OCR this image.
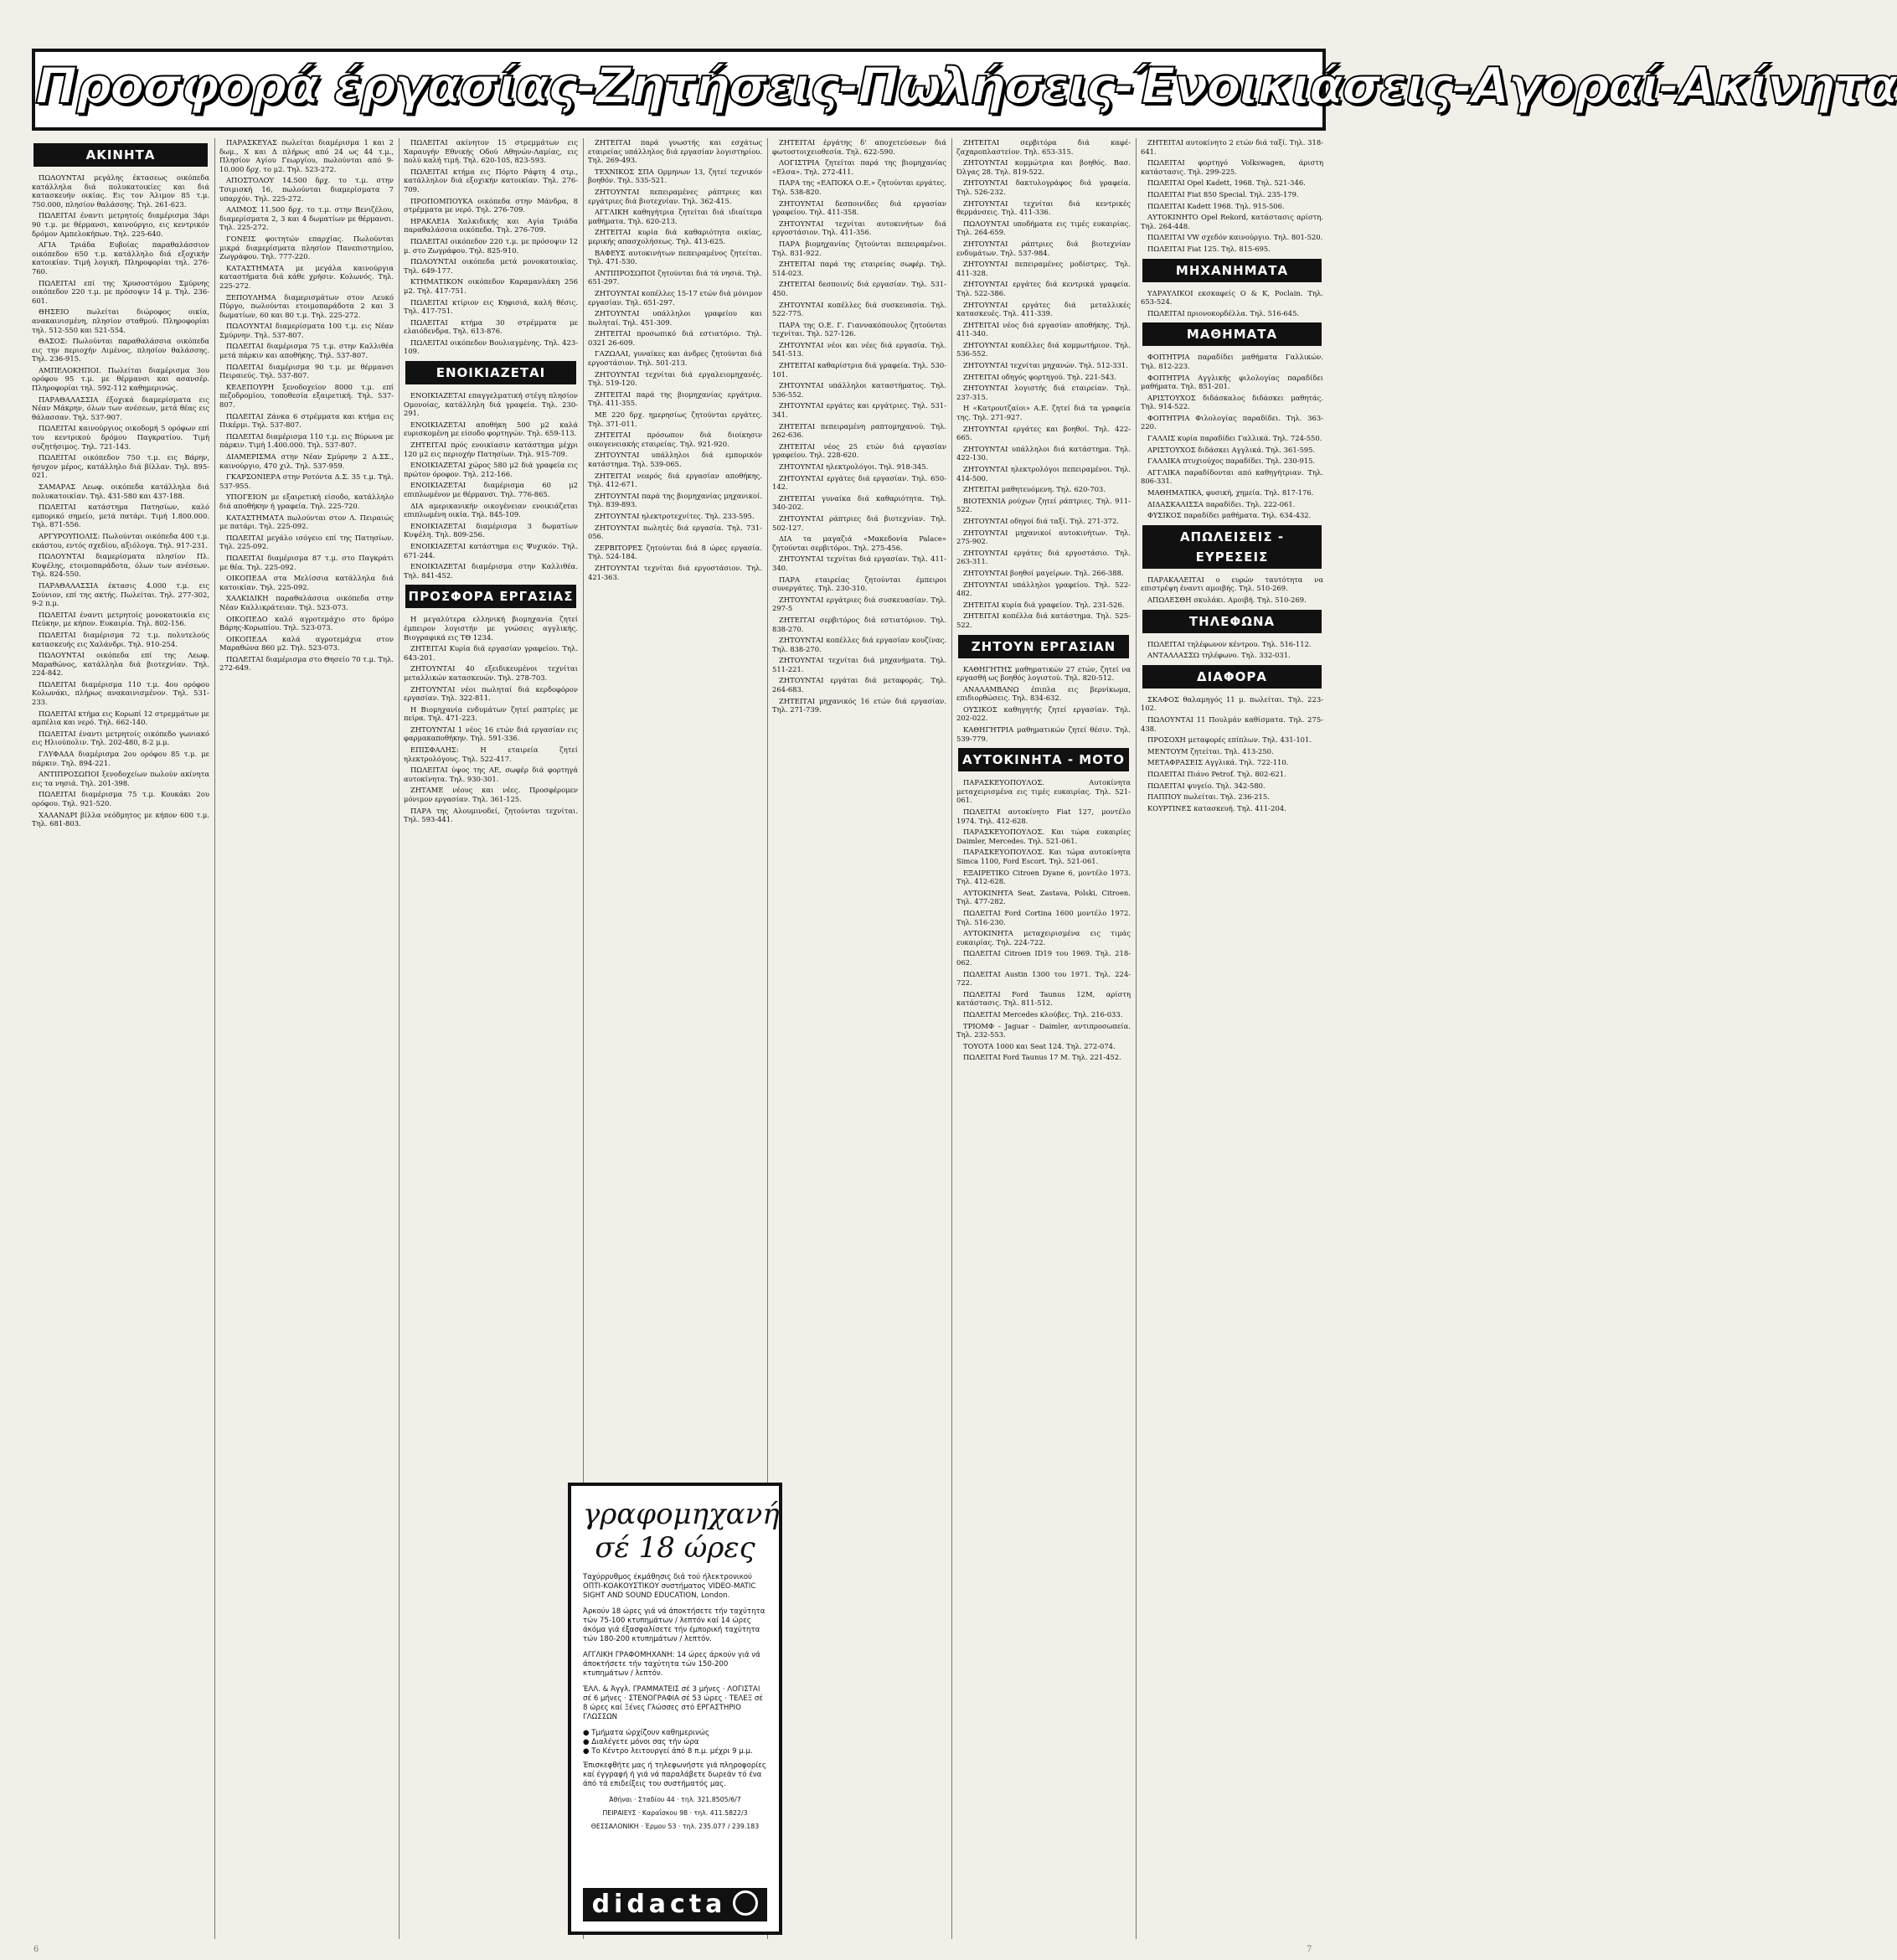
Προσφορά έργασίας-Ζητήσεις-Πωλήσεις-Ένοικιάσεις-Αγοραί-Ακίνητα
ΑΚΙΝΗΤΑ

ΠΩΛΟΥΝΤΑΙ μεγάλης έκτασεως οικόπεδα κατάλληλα διά πολυκατοικίες και διά κατασκευήν οικίας. Εις τον Άλιμον 85 τ.μ. 750.000, πλησίον θαλάσσης. Τηλ. 261-623.

ΠΩΛΕΙΤΑΙ έναντι μετρητοίς διαμέρισμα 3άρι 90 τ.μ. με θέρμανσι, καινούργιο, εις κεντρικόν δρόμον Αμπελοκήπων. Τηλ. 225-640.

ΑΓΙΑ Τριάδα Ευβοίας παραθαλάσσιον οικόπεδον 650 τ.μ. κατάλληλο διά εξοχικήν κατοικίαν. Τιμή λογική. Πληροφορίαι τηλ. 276-760.

ΠΩΛΕΙΤΑΙ επί της Χρυσοστόμου Σμύρνης οικόπεδον 220 τ.μ. με πρόσοψιν 14 μ. Τηλ. 236-601.

ΘΗΣΕΙΟ πωλείται διώροφος οικία, ανακαινισμένη, πλησίον σταθμού. Πληροφορίαι τηλ. 512-550 και 521-554.

ΘΑΣΟΣ: Πωλούνται παραθαλάσσια οικόπεδα εις την περιοχήν Λιμένος, πλησίον θαλάσσης. Τηλ. 236-915.

ΑΜΠΕΛΟΚΗΠΟΙ. Πωλείται διαμέρισμα 3ου ορόφου 95 τ.μ. με θέρμανσι και ασανσέρ. Πληροφορίαι τηλ. 592-112 καθημερινώς.

ΠΑΡΑΘΑΛΑΣΣΙΑ έξοχικά διαμερίσματα εις Νέαν Μάκρην, όλων των ανέσεων, μετά θέας εις θάλασσαν. Τηλ. 537-907.

ΠΩΛΕΙΤΑΙ καινούργιος οικοδομή 5 ορόφων επί του κεντρικού δρόμου Παγκρατίου. Τιμή συζητήσιμος. Τηλ. 721-143.

ΠΩΛΕΙΤΑΙ οικόπεδον 750 τ.μ. εις Βάρην, ήσυχον μέρος, κατάλληλο διά βίλλαν. Τηλ. 895-021.

ΣΑΜΑΡΑΣ Λεωφ. οικόπεδα κατάλληλα διά πολυκατοικίαν. Τηλ. 431-580 και 437-188.

ΠΩΛΕΙΤΑΙ κατάστημα Πατησίων, καλό εμπορικό σημείο, μετά πατάρι. Τιμή 1.800.000. Τηλ. 871-556.

ΑΡΓΥΡΟΥΠΟΛΙΣ: Πωλούνται οικόπεδα 400 τ.μ. εκάστου, εντός σχεδίου, αξιόλογα. Τηλ. 917-231.

ΠΩΛΟΥΝΤΑΙ διαμερίσματα πλησίον Πλ. Κυψέλης, ετοιμοπαράδοτα, όλων των ανέσεων. Τηλ. 824-550.

ΠΑΡΑΘΑΛΑΣΣΙΑ έκτασις 4.000 τ.μ. εις Σούνιον, επί της ακτής. Πωλείται. Τηλ. 277-302, 9-2 π.μ.

ΠΩΛΕΙΤΑΙ έναντι μετρητοίς μονοκατοικία εις Πεύκην, με κήπον. Ευκαιρία. Τηλ. 802-156.

ΠΩΛΕΙΤΑΙ διαμέρισμα 72 τ.μ. πολυτελούς κατασκευής εις Χαλάνδρι. Τηλ. 910-254.

ΠΩΛΟΥΝΤΑΙ οικόπεδα επί της Λεωφ. Μαραθώνος, κατάλληλα διά βιοτεχνίαν. Τηλ. 224-842.

ΠΩΛΕΙΤΑΙ διαμέρισμα 110 τ.μ. 4ου ορόφου Κολωνάκι, πλήρως ανακαινισμένον. Τηλ. 531-233.

ΠΩΛΕΙΤΑΙ κτήμα εις Κορωπί 12 στρεμμάτων με αμπέλια και νερό. Τηλ. 662-140.

ΠΩΛΕΙΤΑΙ έναντι μετρητοίς οικόπεδο γωνιακό εις Ηλιούπολιν. Τηλ. 202-480, 8-2 μ.μ.

ΓΛΥΦΑΔΑ διαμέρισμα 2ου ορόφου 85 τ.μ. με πάρκιν. Τηλ. 894-221.

ΑΝΤΙΠΡΟΣΩΠΟΙ ξενοδοχείων πωλούν ακίνητα εις τα νησιά. Τηλ. 201-398.

ΠΩΛΕΙΤΑΙ διαμέρισμα 75 τ.μ. Κουκάκι 2ου ορόφου. Τηλ. 921-520.

ΧΑΛΑΝΔΡΙ βίλλα νεόδμητος με κήπον 600 τ.μ. Τηλ. 681-803.

ΠΑΡΑΣΚΕΥΑΣ πωλείται διαμέρισμα 1 και 2 δωμ., Χ και Δ πλήρως από 24 ως 44 τ.μ., Πλησίον Αγίου Γεωργίου, πωλούνται από 9-10.000 δρχ. το μ2. Τηλ. 523-272.

ΑΠΟΣΤΟΛΟΥ 14.500 δρχ. το τ.μ. στην Τσιμισκή 16, πωλούνται διαμερίσματα 7 υπαρχόν. Τηλ. 225-272.

ΑΛΙΜΟΣ 11.500 δρχ. το τ.μ. στην Βενιζέλου, διαμερίσματα 2, 3 και 4 δωματίων με θέρμανσι. Τηλ. 225-272.

ΓΟΝΕΙΣ φοιτητών επαρχίας. Πωλούνται μικρά διαμερίσματα πλησίον Πανεπιστημίου, Ζωγράφου. Τηλ. 777-220.

ΚΑΤΑΣΤΗΜΑΤΑ με μεγάλα καινούργια καταστήματα διά κάθε χρήσιν. Κολωνός. Τηλ. 225-272.

ΞΕΠΟΥΛΗΜΑ διαμερισμάτων στον Λευκό Πύργο, πωλούνται ετοιμοπαράδοτα 2 και 3 δωματίων, 60 και 80 τ.μ. Τηλ. 225-272.

ΠΩΛΟΥΝΤΑΙ διαμερίσματα 100 τ.μ. εις Νέαν Σμύρνην. Τηλ. 537-807.

ΠΩΛΕΙΤΑΙ διαμέρισμα 75 τ.μ. στην Καλλιθέα μετά πάρκιν και αποθήκης. Τηλ. 537-807.

ΠΩΛΕΙΤΑΙ διαμέρισμα 90 τ.μ. με θέρμανσι Πειραιεύς. Τηλ. 537-807.

ΚΕΛΕΠΟΥΡΗ ξενοδοχείον 8000 τ.μ. επί πεζοδρομίου, τοποθεσία εξαιρετική. Τηλ. 537-807.

ΠΩΛΕΙΤΑΙ Ζάνκα 6 στρέμματα και κτήμα εις Πικέρμι. Τηλ. 537-807.

ΠΩΛΕΙΤΑΙ διαμέρισμα 110 τ.μ. εις Βύρωνα με πάρκιν. Τιμή 1.400.000. Τηλ. 537-807.

ΔΙΑΜΕΡΙΣΜΑ στην Νέαν Σμύρνην 2 Δ.ΣΣ., καινούργιο, 470 χιλ. Τηλ. 537-959.

ΓΚΑΡΣΟΝΙΕΡΑ στην Ροτόντα Δ.Σ. 35 τ.μ. Τηλ. 537-955.

ΥΠΟΓΕΙΟΝ με εξαιρετική είσοδο, κατάλληλο διά αποθήκην ή γραφεία. Τηλ. 225-720.

ΚΑΤΑΣΤΗΜΑΤΑ πωλούνται στον Λ. Πειραιώς με πατάρι. Τηλ. 225-092.

ΠΩΛΕΙΤΑΙ μεγάλο ισόγειο επί της Πατησίων. Τηλ. 225-092.

ΠΩΛΕΙΤΑΙ διαμέρισμα 87 τ.μ. στο Παγκράτι με θέα. Τηλ. 225-092.

ΟΙΚΟΠΕΔΑ στα Μελίσσια κατάλληλα διά κατοικίαν. Τηλ. 225-092.

ΧΑΛΚΙΔΙΚΗ παραθαλάσσια οικόπεδα στην Νέαν Καλλικράτειαν. Τηλ. 523-073.

ΟΙΚΟΠΕΔΟ καλό αγροτεμάχιο στο δρόμο Βάρης-Κορωπίου. Τηλ. 523-073.

ΟΙΚΟΠΕΔΑ καλά αγροτεμάχια στον Μαραθώνα 860 μ2. Τηλ. 523-073.

ΠΩΛΕΙΤΑΙ διαμέρισμα στο Θησείο 70 τ.μ. Τηλ. 272-649.

ΠΩΛΕΙΤΑΙ ακίνητον 15 στρεμμάτων εις Χαραυγήν Εθνικής Οδού Αθηνών-Λαμίας, εις πολύ καλή τιμή. Τηλ. 620-105, 823-593.

ΠΩΛΕΙΤΑΙ κτήμα εις Πόρτο Ράφτη 4 στρ., κατάλληλον διά εξοχικήν κατοικίαν. Τηλ. 276-709.

ΠΡΟΠΟΜΠΟΥΚΑ οικόπεδα στην Μάνδρα, 8 στρέμματα με νερό. Τηλ. 276-709.

ΗΡΑΚΛΕΙΑ Χαλκιδικής και Αγία Τριάδα παραθαλάσσια οικόπεδα. Τηλ. 276-709.

ΠΩΛΕΙΤΑΙ οικόπεδον 220 τ.μ. με πρόσοψιν 12 μ. στο Ζωγράφου. Τηλ. 825-910.

ΠΩΛΟΥΝΤΑΙ οικόπεδα μετά μονοκατοικίας. Τηλ. 649-177.

ΚΤΗΜΑΤΙΚΟΝ οικόπεδον Καραμανλάκη 256 μ2. Τηλ. 417-751.

ΠΩΛΕΙΤΑΙ κτίριον εις Κηφισιά, καλή θέσις. Τηλ. 417-751.

ΠΩΛΕΙΤΑΙ κτήμα 30 στρέμματα με ελαιόδενδρα. Τηλ. 613-876.

ΠΩΛΕΙΤΑΙ οικόπεδον Βουλιαγμένης. Τηλ. 423-109.

ΕΝΟΙΚΙΑΖΕΤΑΙ

ΕΝΟΙΚΙΑΖΕΤΑΙ επαγγελματική στέγη πλησίον Ομονοίας, κατάλληλη διά γραφεία. Τηλ. 230-291.

ΕΝΟΙΚΙΑΖΕΤΑΙ αποθήκη 500 μ2 καλά ευρισκομένη με είσοδο φορτηγών. Τηλ. 659-113.

ΖΗΤΕΙΤΑΙ πρός ενοικίασιν κατάστημα μέχρι 120 μ2 εις περιοχήν Πατησίων. Τηλ. 915-709.

ΕΝΟΙΚΙΑΖΕΤΑΙ χώρος 580 μ2 διά γραφεία εις πρώτον όροφον. Τηλ. 212-166.

ΕΝΟΙΚΙΑΖΕΤΑΙ διαμέρισμα 60 μ2 επιπλωμένον με θέρμανσι. Τηλ. 776-865.

ΔΙΑ αμερικανικήν οικογένειαν ενοικιάζεται επιπλωμένη οικία. Τηλ. 845-109.

ΕΝΟΙΚΙΑΖΕΤΑΙ διαμέρισμα 3 δωματίων Κυψέλη. Τηλ. 809-256.

ΕΝΟΙΚΙΑΖΕΤΑΙ κατάστημα εις Ψυχικόν. Τηλ. 671-244.

ΕΝΟΙΚΙΑΖΕΤΑΙ διαμέρισμα στην Καλλιθέα. Τηλ. 841-452.

ΠΡΟΣΦΟΡΑ ΕΡΓΑΣΙΑΣ

Η μεγαλύτερα ελληνική βιομηχανία ζητεί έμπειρον λογιστήν με γνώσεις αγγλικής. Βιογραφικά εις ΤΘ 1234.

ΖΗΤΕΙΤΑΙ Κυρία διά εργασίαν γραφείου. Τηλ. 643-201.

ΖΗΤΟΥΝΤΑΙ 40 εξειδικευμένοι τεχνίται μεταλλικών κατασκευών. Τηλ. 278-703.

ΖΗΤΟΥΝΤΑΙ νέοι πωληταί διά κερδοφόρον εργασίαν. Τηλ. 322-811.

Η Βιομηχανία ενδυμάτων ζητεί ραπτρίες με πείρα. Τηλ. 471-223.

ΖΗΤΟΥΝΤΑΙ 1 νέος 16 ετών διά εργασίαν εις φαρμακαποθήκην. Τηλ. 591-336.

ΕΠΙΣΦΑΛΗΣ: Η εταιρεία ζητεί ηλεκτρολόγους. Τηλ. 522-417.

ΠΩΛΕΙΤΑΙ ύψος της ΑΕ, σωφέρ διά φορτηγά αυτοκίνητα. Τηλ. 930-301.

ΖΗΤΑΜΕ νέους και νέες. Προσφέρομεν μόνιμον εργασίαν. Τηλ. 361-125.

ΠΑΡΑ της Αλουμινοδεί, ζητούνται τεχνίται. Τηλ. 593-441.

ΖΗΤΕΙΤΑΙ παρά γνωστής και εσχάτως εταιρείας υπάλληλος διά εργασίαν λογιστηρίου. Τηλ. 269-493.

ΤΕΧΝΙΚΟΣ ΣΠΑ Ορμηνων 13, ζητεί τεχνικόν βοηθόν. Τηλ. 535-521.

ΖΗΤΟΥΝΤΑΙ πεπειραμένες ράπτριες και εργάτριες διά βιοτεχνίαν. Τηλ. 362-415.

ΑΓΓΛΙΚΗ καθηγήτρια ζητείται διά ιδιαίτερα μαθήματα. Τηλ. 620-213.

ΖΗΤΕΙΤΑΙ κυρία διά καθαριότητα οικίας, μερικής απασχολήσεως. Τηλ. 413-625.

ΒΑΦΕΥΣ αυτοκινήτων πεπειραμένος ζητείται. Τηλ. 471-530.

ΑΝΤΙΠΡΟΣΩΠΟΙ ζητούνται διά τά νησιά. Τηλ. 651-297.

ΖΗΤΟΥΝΤΑΙ κοπέλλες 15-17 ετών διά μόνιμον εργασίαν. Τηλ. 651-297.

ΖΗΤΟΥΝΤΑΙ υπάλληλοι γραφείου και πωληταί. Τηλ. 451-309.

ΖΗΤΕΙΤΑΙ προσωπικό διά εστιατόριο. Τηλ. 0321 26-609.

ΓΑΖΩΛΑΙ, γυναίκες και άνδρες ζητούνται διά εργοστάσιον. Τηλ. 501-213.

ΖΗΤΟΥΝΤΑΙ τεχνίται διά εργαλειομηχανές. Τηλ. 519-120.

ΖΗΤΕΙΤΑΙ παρά της βιομηχανίας εργάτρια. Τηλ. 411-355.

ΜΕ 220 δρχ. ημερησίως ζητούνται εργάτες. Τηλ. 371-011.

ΖΗΤΕΙΤΑΙ πρόσωπον διά διοίκησιν οικογενειακής εταιρείας. Τηλ. 921-920.

ΖΗΤΟΥΝΤΑΙ υπάλληλοι διά εμπορικόν κατάστημα. Τηλ. 539-065.

ΖΗΤΕΙΤΑΙ νεαρός διά εργασίαν αποθήκης. Τηλ. 412-671.

ΖΗΤΟΥΝΤΑΙ παρά της βιομηχανίας μηχανικοί. Τηλ. 839-893.

ΖΗΤΟΥΝΤΑΙ ηλεκτροτεχνίτες. Τηλ. 233-595.

ΖΗΤΟΥΝΤΑΙ πωλητές διά εργασία. Τηλ. 731-056.

ΖΕΡΒΙΤΟΡΕΣ ζητούνται διά 8 ώρες εργασία. Τηλ. 524-184.

ΖΗΤΟΥΝΤΑΙ τεχνίται διά εργοστάσιον. Τηλ. 421-363.

ΖΗΤΕΙΤΑΙ έργάτης δ' αποχετεύσεων διά φωτοστοιχειοθεσία. Τηλ. 622-590.

ΛΟΓΙΣΤΡΙΑ ζητείται παρά της βιομηχανίας «Ελσα». Τηλ. 272-411.

ΠΑΡΑ της «ΕΑΠΟΚΑ Ο.Ε.» ζητούνται εργάτες. Τηλ. 538-820.

ΖΗΤΟΥΝΤΑΙ δεσποινίδες διά εργασίαν γραφείου. Τηλ. 411-358.

ΖΗΤΟΥΝΤΑΙ τεχνίται αυτοκινήτων διά εργοστάσιον. Τηλ. 411-356.

ΠΑΡΑ βιομηχανίας ζητούνται πεπειραμένοι. Τηλ. 831-922.

ΖΗΤΕΙΤΑΙ παρά της εταιρείας σωφέρ. Τηλ. 514-023.

ΖΗΤΕΙΤΑΙ δεσποινίς διά εργασίαν. Τηλ. 531-450.

ΖΗΤΟΥΝΤΑΙ κοπέλλες διά συσκευασία. Τηλ. 522-775.

ΠΑΡΑ της Ο.Ε. Γ. Γιαννακόπουλος ζητούνται τεχνίται. Τηλ. 527-126.

ΖΗΤΟΥΝΤΑΙ νέοι και νέες διά εργασία. Τηλ. 541-513.

ΖΗΤΕΙΤΑΙ καθαρίστρια διά γραφεία. Τηλ. 530-101.

ΖΗΤΟΥΝΤΑΙ υπάλληλοι καταστήματος. Τηλ. 536-552.

ΖΗΤΟΥΝΤΑΙ εργάτες και εργάτριες. Τηλ. 531-341.

ΖΗΤΕΙΤΑΙ πεπειραμένη ραπτομηχανού. Τηλ. 262-636.

ΖΗΤΕΙΤΑΙ νέος 25 ετών διά εργασίαν γραφείου. Τηλ. 228-620.

ΖΗΤΟΥΝΤΑΙ ηλεκτρολόγοι. Τηλ. 918-345.

ΖΗΤΟΥΝΤΑΙ εργάτες διά εργασίαν. Τηλ. 650-142.

ΖΗΤΕΙΤΑΙ γυναίκα διά καθαριότητα. Τηλ. 340-202.

ΖΗΤΟΥΝΤΑΙ ράπτριες διά βιοτεχνίαν. Τηλ. 502-127.

ΔΙΑ τα μαγαζιά «Μακεδονία Palace» ζητούνται σερβιτόροι. Τηλ. 275-456.

ΖΗΤΟΥΝΤΑΙ τεχνίται διά εργασίαν. Τηλ. 411-340.

ΠΑΡΑ εταιρείας ζητούνται έμπειροι συνεργάτες. Τηλ. 230-310.

ΖΗΤΟΥΝΤΑΙ εργάτριες διά συσκευασίαν. Τηλ. 297-5

ΖΗΤΕΙΤΑΙ σερβιτόρος διά εστιατόριον. Τηλ. 838-270.

ΖΗΤΟΥΝΤΑΙ κοπέλλες διά εργασίαν κουζίνας. Τηλ. 838-270.

ΖΗΤΟΥΝΤΑΙ τεχνίται διά μηχανήματα. Τηλ. 511-221.

ΖΗΤΟΥΝΤΑΙ εργάται διά μεταφοράς. Τηλ. 264-683.

ΖΗΤΕΙΤΑΙ μηχανικός 16 ετών διά εργασίαν. Τηλ. 271-739.

ΖΗΤΕΙΤΑΙ σερβιτόρα διά καφέ-ζαχαροπλαστείον. Τηλ. 653-315.

ΖΗΤΟΥΝΤΑΙ κομμώτρια και βοηθός. Βασ. Όλγας 28. Τηλ. 819-522.

ΖΗΤΟΥΝΤΑΙ δακτυλογράφος διά γραφεία. Τηλ. 526-232.

ΖΗΤΟΥΝΤΑΙ τεχνίται διά κεντρικές θερμάνσεις. Τηλ. 411-336.

ΠΩΛΟΥΝΤΑΙ υποδήματα εις τιμές ευκαιρίας. Τηλ. 264-659.

ΖΗΤΟΥΝΤΑΙ ράπτριες διά βιοτεχνίαν ενδυμάτων. Τηλ. 537-984.

ΖΗΤΟΥΝΤΑΙ πεπειραμένες μοδίστρες. Τηλ. 411-328.

ΖΗΤΟΥΝΤΑΙ εργάτες διά κεντρικά γραφεία. Τηλ. 522-386.

ΖΗΤΟΥΝΤΑΙ εργάτες διά μεταλλικές κατασκευές. Τηλ. 411-339.

ΖΗΤΕΙΤΑΙ νέος διά εργασίαν αποθήκης. Τηλ. 411-340.

ΖΗΤΟΥΝΤΑΙ κοπέλλες διά κομμωτήριον. Τηλ. 536-552.

ΖΗΤΟΥΝΤΑΙ τεχνίται μηχανών. Τηλ. 512-331.

ΖΗΤΕΙΤΑΙ οδηγός φορτηγού. Τηλ. 221-543.

ΖΗΤΟΥΝΤΑΙ λογιστής διά εταιρείαν. Τηλ. 237-315.

Η «Κατρουτζαίοι» Α.Ε. ζητεί διά τα γραφεία της. Τηλ. 271-927.

ΖΗΤΟΥΝΤΑΙ εργάτες και βοηθοί. Τηλ. 422-665.

ΖΗΤΟΥΝΤΑΙ υπάλληλοι διά κατάστημα. Τηλ. 422-130.

ΖΗΤΟΥΝΤΑΙ ηλεκτρολόγοι πεπειραμένοι. Τηλ. 414-500.

ΖΗΤΕΙΤΑΙ μαθητευόμενη. Τηλ. 620-703.

ΒΙΟΤΕΧΝΙΑ ρούχων ζητεί ράπτριες. Τηλ. 911-522.

ΖΗΤΟΥΝΤΑΙ οδηγοί διά ταξί. Τηλ. 271-372.

ΖΗΤΟΥΝΤΑΙ μηχανικοί αυτοκινήτων. Τηλ. 275-902.

ΖΗΤΟΥΝΤΑΙ εργάτες διά εργοστάσιο. Τηλ. 263-311.

ΖΗΤΟΥΝΤΑΙ βοηθοί μαγείρων. Τηλ. 266-388.

ΖΗΤΟΥΝΤΑΙ υπάλληλοι γραφείου. Τηλ. 522-482.

ΖΗΤΕΙΤΑΙ κυρία διά γραφείον. Τηλ. 231-526.

ΖΗΤΕΙΤΑΙ κοπέλλα διά κατάστημα. Τηλ. 525-522.

ΖΗΤΟΥΝ ΕΡΓΑΣΙΑΝ

ΚΑΘΗΓΗΤΗΣ μαθηματικών 27 ετών, ζητεί να εργασθή ως βοηθός λογιστού. Τηλ. 820-512.

ΑΝΑΛΑΜΒΑΝΩ έπιπλα εις βερνίκωμα, επιδιορθώσεις. Τηλ. 834-632.

ΟΥΣΙΚΟΣ καθηγητής ζητεί εργασίαν. Τηλ. 202-022.

ΚΑΘΗΓΗΤΡΙΑ μαθηματικών ζητεί θέσιν. Τηλ. 539-779.

ΑΥΤΟΚΙΝΗΤΑ - ΜΟΤΟ

ΠΑΡΑΣΚΕΥΟΠΟΥΛΟΣ. Αυτοκίνητα μεταχειρισμένα εις τιμές ευκαιρίας. Τηλ. 521-061.

ΠΩΛΕΙΤΑΙ αυτοκίνητο Fiat 127, μοντέλο 1974. Τηλ. 412-628.

ΠΑΡΑΣΚΕΥΟΠΟΥΛΟΣ. Και τώρα ευκαιρίες Daimler, Mercedes. Τηλ. 521-061.

ΠΑΡΑΣΚΕΥΟΠΟΥΛΟΣ. Και τώρα αυτοκίνητα Simca 1100, Ford Escort. Τηλ. 521-061.

ΕΞΑΙΡΕΤΙΚΟ Citroen Dyane 6, μοντέλο 1973. Τηλ. 412-628.

ΑΥΤΟΚΙΝΗΤΑ Seat, Zastava, Polski, Citroen. Τηλ. 477-282.

ΠΩΛΕΙΤΑΙ Ford Cortina 1600 μοντέλο 1972. Τηλ. 516-230.

ΑΥΤΟΚΙΝΗΤΑ μεταχειρισμένα εις τιμάς ευκαιρίας. Τηλ. 224-722.

ΠΩΛΕΙΤΑΙ Citroen ID19 του 1969. Τηλ. 218-062.

ΠΩΛΕΙΤΑΙ Austin 1300 του 1971. Τηλ. 224-722.

ΠΩΛΕΙΤΑΙ Ford Taunus 12M, αρίστη κατάστασις. Τηλ. 811-512.

ΠΩΛΕΙΤΑΙ Mercedes κλούβες. Τηλ. 216-033.

ΤΡΙΟΜΦ - Jaguar - Daimler, αντιπροσωπεία. Τηλ. 232-553.

ΤΟΥΟΤΑ 1000 και Seat 124. Τηλ. 272-074.

ΠΩΛΕΙΤΑΙ Ford Taunus 17 M. Τηλ. 221-452.

ΖΗΤΕΙΤΑΙ αυτοκίνητο 2 ετών διά ταξί. Τηλ. 318-641.

ΠΩΛΕΙΤΑΙ φορτηγό Volkswagen, άριστη κατάστασις. Τηλ. 299-225.

ΠΩΛΕΙΤΑΙ Opel Kadett, 1968. Τηλ. 521-346.

ΠΩΛΕΙΤΑΙ Fiat 850 Special. Τηλ. 235-179.

ΠΩΛΕΙΤΑΙ Kadett 1968. Τηλ. 915-506.

ΑΥΤΟΚΙΝΗΤΟ Opel Rekord, κατάστασις αρίστη. Τηλ. 264-448.

ΠΩΛΕΙΤΑΙ VW σχεδόν καινούργιο. Τηλ. 801-520.

ΠΩΛΕΙΤΑΙ Fiat 125. Τηλ. 815-695.

ΜΗΧΑΝΗΜΑΤΑ

ΥΔΡΑΥΛΙΚΟΙ εκσκαφείς Ο & Κ, Poclain. Τηλ. 653-524.

ΠΩΛΕΙΤΑΙ πριονοκορδέλλα. Τηλ. 516-645.

ΜΑΘΗΜΑΤΑ

ΦΟΙΤΗΤΡΙΑ παραδίδει μαθήματα Γαλλικών. Τηλ. 812-223.

ΦΟΙΤΗΤΡΙΑ Αγγλικής φιλολογίας παραδίδει μαθήματα. Τηλ. 851-201.

ΑΡΙΣΤΟΥΧΟΣ διδάσκαλος διδάσκει μαθητάς. Τηλ. 914-522.

ΦΟΙΤΗΤΡΙΑ Φιλολογίας παραδίδει. Τηλ. 363-220.

ΓΑΛΛΙΣ κυρία παραδίδει Γαλλικά. Τηλ. 724-550.

ΑΡΙΣΤΟΥΧΟΣ διδάσκει Αγγλικά. Τηλ. 361-595.

ΓΑΛΛΙΚΑ πτυχιούχος παραδίδει. Τηλ. 230-915.

ΑΓΓΛΙΚΑ παραδίδονται από καθηγήτριαν. Τηλ. 806-331.

ΜΑΘΗΜΑΤΙΚΑ, φυσική, χημεία. Τηλ. 817-176.

ΔΙΔΑΣΚΑΛΙΣΣΑ παραδίδει. Τηλ. 222-061.

ΦΥΣΙΚΟΣ παραδίδει μαθήματα. Τηλ. 634-432.

ΑΠΩΛΕΙΣΕΙΣ - ΕΥΡΕΣΕΙΣ

ΠΑΡΑΚΑΛΕΙΤΑΙ ο ευρών ταυτότητα να επιστρέψη έναντι αμοιβής. Τηλ. 510-269.

ΑΠΩΛΕΣΘΗ σκυλάκι. Αμοιβή. Τηλ. 510-269.

ΤΗΛΕΦΩΝΑ

ΠΩΛΕΙΤΑΙ τηλέφωνον κέντρου. Τηλ. 516-112.

ΑΝΤΑΛΛΑΣΣΩ τηλέφωνο. Τηλ. 332-031.

ΔΙΑΦΟΡΑ

ΣΚΑΦΟΣ θαλαμηγός 11 μ. πωλείται. Τηλ. 223-102.

ΠΩΛΟΥΝΤΑΙ 11 Πουλμάν καθίσματα. Τηλ. 275-438.

ΠΡΟΣΟΧΗ μεταφορές επίπλων. Τηλ. 431-101.

ΜΕΝΤΟΥΜ ζητείται. Τηλ. 413-250.

ΜΕΤΑΦΡΑΣΕΙΣ Αγγλικά. Τηλ. 722-110.

ΠΩΛΕΙΤΑΙ Πιάνο Petrof. Τηλ. 802-621.

ΠΩΛΕΙΤΑΙ ψυγείο. Τηλ. 342-580.

ΠΑΠΠΟΥ πωλείται. Τηλ. 236-215.

ΚΟΥΡΤΙΝΕΣ κατασκευή. Τηλ. 411-204.

γραφομηχανή
σέ 18 ώρες

Ταχύρρυθμος έκμάθησις διά τού ήλεκτρονικού ΟΠΤΙ-ΚΟΑΚΟΥΣΤΙΚΟΥ συστήματος VIDEO-MATIC SIGHT AND SOUND EDUCATION, London.

Άρκούν 18 ώρες γιά νά άποκτήσετε τήν ταχύτητα τών 75-100 κτυπημάτων / λεπτόν καί 14 ώρες άκόμα γιά έξασφαλίσετε τήν έμπορική ταχύτητα τών 180-200 κτυπημάτων / λεπτόν.

ΑΓΓΛΙΚΗ ΓΡΑΦΟΜΗΧΑΝΗ: 14 ώρες άρκούν γιά νά άποκτήσετε τήν ταχύτητα τών 150-200 κτυπημάτων / λεπτόν.

ΈΛΛ. & Άγγλ. ΓΡΑΜΜΑΤΕΙΣ σέ 3 μήνες · ΛΟΓΙΣΤΑΙ σέ 6 μήνες · ΣΤΕΝΟΓΡΑΦΙΑ σέ 53 ώρες · ΤΕΛΕΞ σέ 8 ώρες καί Ξένες Γλώσσες στό ΕΡΓΑΣΤΗΡΙΟ ΓΛΩΣΣΩΝ

● Τμήματα ώρχίζουν καθημερινώς
● Διαλέγετε μόνοι σας τήν ώρα
● Το Κέντρο λειτουργεί άπό 8 π.μ. μέχρι 9 μ.μ.

Έπισκεφθήτε μας ή τηλεφωνήστε γιά πληροφορίες καί έγγραφή ή γιά νά παραλάβετε δωρεάν τό ένα άπό τά επιδείξεις του συστήματός μας.

Άθήναι · Σταδίου 44 · τηλ. 321.8505/6/7
ΠΕΙΡΑΙΕΥΣ · Καραΐσκου 98 · τηλ. 411.5822/3
ΘΕΣΣΑΛΟΝΙΚΗ · Έρμου 53 · τηλ. 235.077 / 239.183
didacta
6	7
